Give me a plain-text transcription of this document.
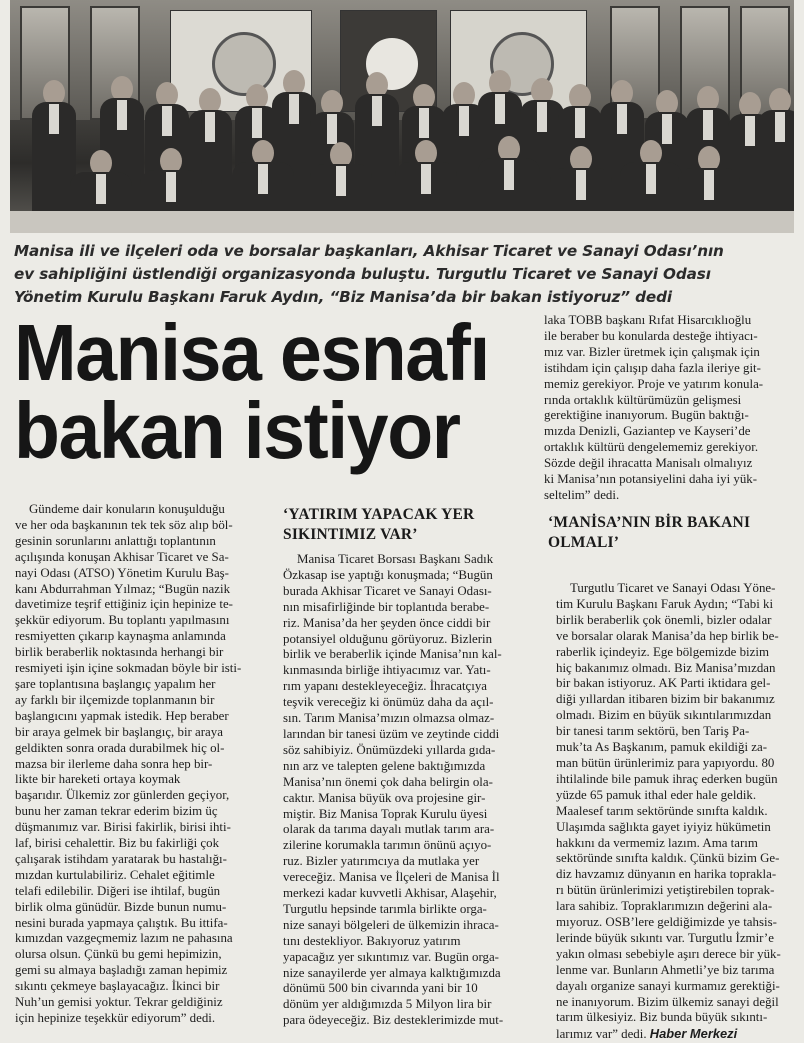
Manisa ili ve ilçeleri oda ve borsalar başkanları, Akhisar Ticaret ve Sanayi Odası’nın
ev sahipliğini üstlendiği organizasyonda buluştu. Turgutlu Ticaret ve Sanayi Odası
Yönetim Kurulu Başkanı Faruk Aydın, “Biz Manisa’da bir bakan istiyoruz” dedi
Manisa esnafı
bakan istiyor
Gündeme dair konuların konuşulduğu
ve her oda başkanının tek tek söz alıp böl-
gesinin sorunlarını anlattığı toplantının
açılışında konuşan Akhisar Ticaret ve Sa-
nayi Odası (ATSO) Yönetim Kurulu Baş-
kanı Abdurrahman Yılmaz; “Bugün nazik
davetimize teşrif ettiğiniz için hepinize te-
şekkür ediyorum. Bu toplantı yapılmasını
resmiyetten çıkarıp kaynaşma anlamında
birlik beraberlik noktasında herhangi bir
resmiyeti işin içine sokmadan böyle bir isti-
şare toplantısına başlangıç yapalım her
ay farklı bir ilçemizde toplanmanın bir
başlangıcını yapmak istedik. Hep beraber
bir araya gelmek bir başlangıç, bir araya
geldikten sonra orada durabilmek hiç ol-
mazsa bir ilerleme daha sonra hep bir-
likte bir hareketi ortaya koymak
başarıdır. Ülkemiz zor günlerden geçiyor,
bunu her zaman tekrar ederim bizim üç
düşmanımız var. Birisi fakirlik, birisi ihti-
laf, birisi cehalettir. Biz bu fakirliği çok
çalışarak istihdam yaratarak bu hastalığı-
mızdan kurtulabiliriz. Cehalet eğitimle
telafi edilebilir. Diğeri ise ihtilaf, bugün
birlik olma günüdür. Bizde bunun numu-
nesini burada yapmaya çalıştık. Bu ittifa-
kımızdan vazgeçmemiz lazım ne pahasına
olursa olsun. Çünkü bu gemi hepimizin,
gemi su almaya başladığı zaman hepimiz
sıkıntı çekmeye başlayacağız. İkinci bir
Nuh’un gemisi yoktur. Tekrar geldiğiniz
için hepinize teşekkür ediyorum” dedi.
‘YATIRIM YAPACAK YER
SIKINTIMIZ VAR’
Manisa Ticaret Borsası Başkanı Sadık
Özkasap ise yaptığı konuşmada; “Bugün
burada Akhisar Ticaret ve Sanayi Odası-
nın misafirliğinde bir toplantıda berabe-
riz. Manisa’da her şeyden önce ciddi bir
potansiyel olduğunu görüyoruz. Bizlerin
birlik ve beraberlik içinde Manisa’nın kal-
kınmasında birliğe ihtiyacımız var. Yatı-
rım yapanı destekleyeceğiz. İhracatçıya
teşvik vereceğiz ki önümüz daha da açıl-
sın. Tarım Manisa’mızın olmazsa olmaz-
larından bir tanesi üzüm ve zeytinde ciddi
söz sahibiyiz. Önümüzdeki yıllarda gıda-
nın arz ve talepten gelene baktığımızda
Manisa’nın önemi çok daha belirgin ola-
caktır. Manisa büyük ova projesine gir-
miştir. Biz Manisa Toprak Kurulu üyesi
olarak da tarıma dayalı mutlak tarım ara-
zilerine korumakla tarımın önünü açıyo-
ruz. Bizler yatırımcıya da mutlaka yer
vereceğiz. Manisa ve İlçeleri de Manisa İl
merkezi kadar kuvvetli Akhisar, Alaşehir,
Turgutlu hepsinde tarımla birlikte orga-
nize sanayi bölgeleri de ülkemizin ihraca-
tını destekliyor. Bakıyoruz yatırım
yapacağız yer sıkıntımız var. Bugün orga-
nize sanayilerde yer almaya kalktığımızda
dönümü 500 bin civarında yani bir 10
dönüm yer aldığımızda 5 Milyon lira bir
para ödeyeceğiz. Biz desteklerimizde mut-
laka TOBB başkanı Rıfat Hisarcıklıoğlu
ile beraber bu konularda desteğe ihtiyacı-
mız var. Bizler üretmek için çalışmak için
istihdam için çalışıp daha fazla ileriye git-
memiz gerekiyor. Proje ve yatırım konula-
rında ortaklık kültürümüzün gelişmesi
gerektiğine inanıyorum. Bugün baktığı-
mızda Denizli, Gaziantep ve Kayseri’de
ortaklık kültürü dengelememiz gerekiyor.
Sözde değil ihracatta Manisalı olmalıyız
ki Manisa’nın potansiyelini daha iyi yük-
seltelim” dedi.
‘MANİSA’NIN BİR BAKANI
OLMALI’
Turgutlu Ticaret ve Sanayi Odası Yöne-
tim Kurulu Başkanı Faruk Aydın; “Tabi ki
birlik beraberlik çok önemli, bizler odalar
ve borsalar olarak Manisa’da hep birlik be-
raberlik içindeyiz. Ege bölgemizde bizim
hiç bakanımız olmadı. Biz Manisa’mızdan
bir bakan istiyoruz. AK Parti iktidara gel-
diği yıllardan itibaren bizim bir bakanımız
olmadı. Bizim en büyük sıkıntılarımızdan
bir tanesi tarım sektörü, ben Tariş Pa-
muk’ta As Başkanım, pamuk ekildiği za-
man bütün ürünlerimiz para yapıyordu. 80
ihtilalinde bile pamuk ihraç ederken bugün
yüzde 65 pamuk ithal eder hale geldik.
Maalesef tarım sektöründe sınıfta kaldık.
Ulaşımda sağlıkta gayet iyiyiz hükümetin
hakkını da vermemiz lazım. Ama tarım
sektöründe sınıfta kaldık. Çünkü bizim Ge-
diz havzamız dünyanın en harika toprakla-
rı bütün ürünlerimizi yetiştirebilen toprak-
lara sahibiz. Topraklarımızın değerini ala-
mıyoruz. OSB’lere geldiğimizde ye tahsis-
lerinde büyük sıkıntı var. Turgutlu İzmir’e
yakın olması sebebiyle aşırı derece bir yük-
lenme var. Bunların Ahmetli’ye biz tarıma
dayalı organize sanayi kurmamız gerektiği-
ne inanıyorum. Bizim ülkemiz sanayi değil
tarım ülkesiyiz. Biz bunda büyük sıkıntı-
larımız var” dedi. Haber Merkezi
